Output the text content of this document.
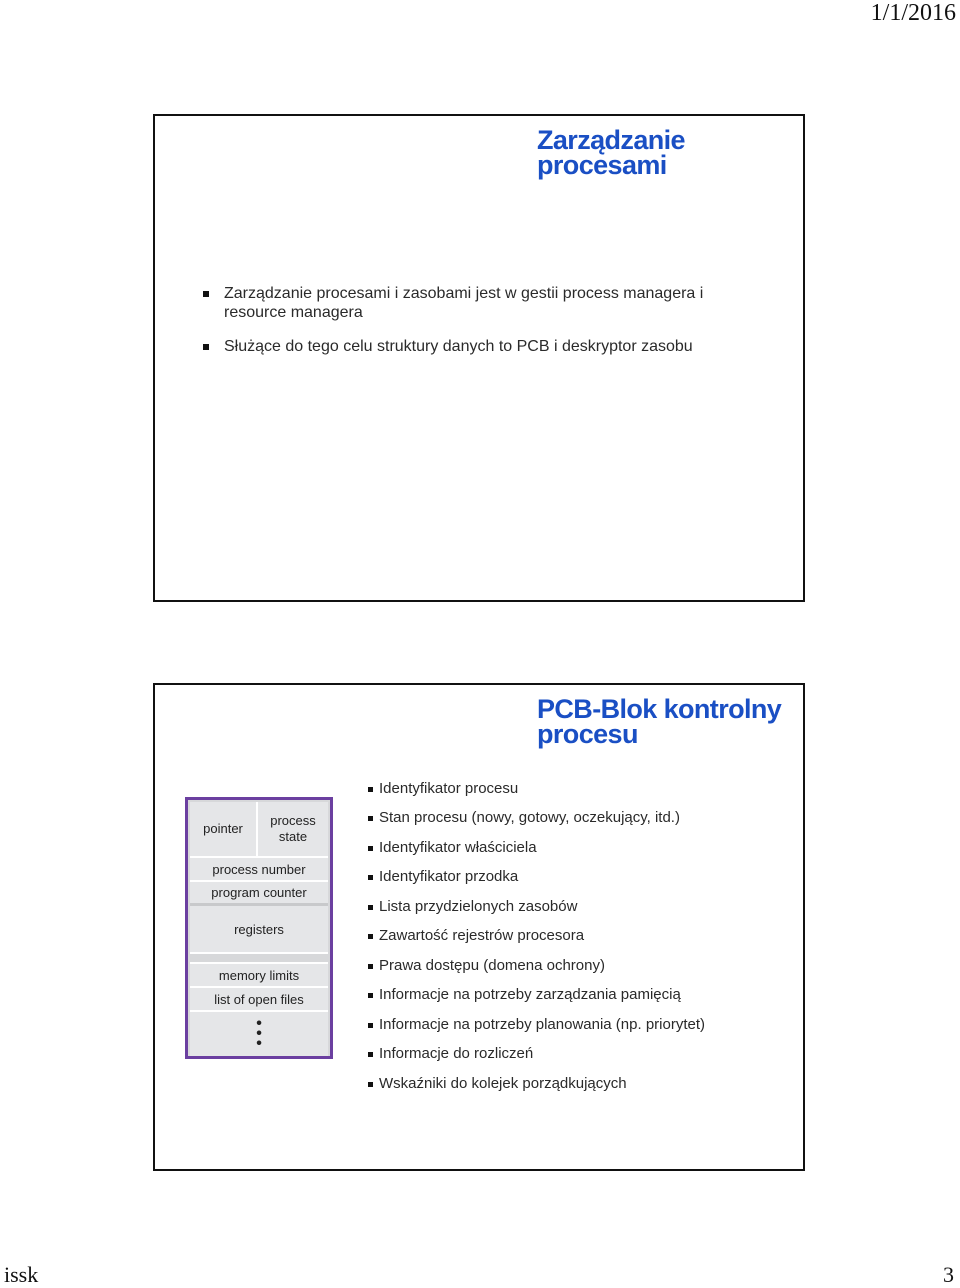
1/1/2016
Zarządzanie
procesami
Zarządzanie procesami i zasobami jest w gestii process managera i resource managera
Służące do tego celu struktury danych to PCB i deskryptor zasobu
PCB-Blok kontrolny
procesu
Identyfikator procesu
Stan procesu (nowy, gotowy, oczekujący, itd.)
Identyfikator właściciela
Identyfikator przodka
Lista przydzielonych zasobów
Zawartość rejestrów procesora
Prawa dostępu (domena ochrony)
Informacje na potrzeby zarządzania pamięcią
Informacje na potrzeby planowania (np. priorytet)
Informacje do rozliczeń
Wskaźniki do kolejek porządkujących
pointer
process
state
process number
program counter
registers
memory limits
list of open files
•
•
•
issk	3
